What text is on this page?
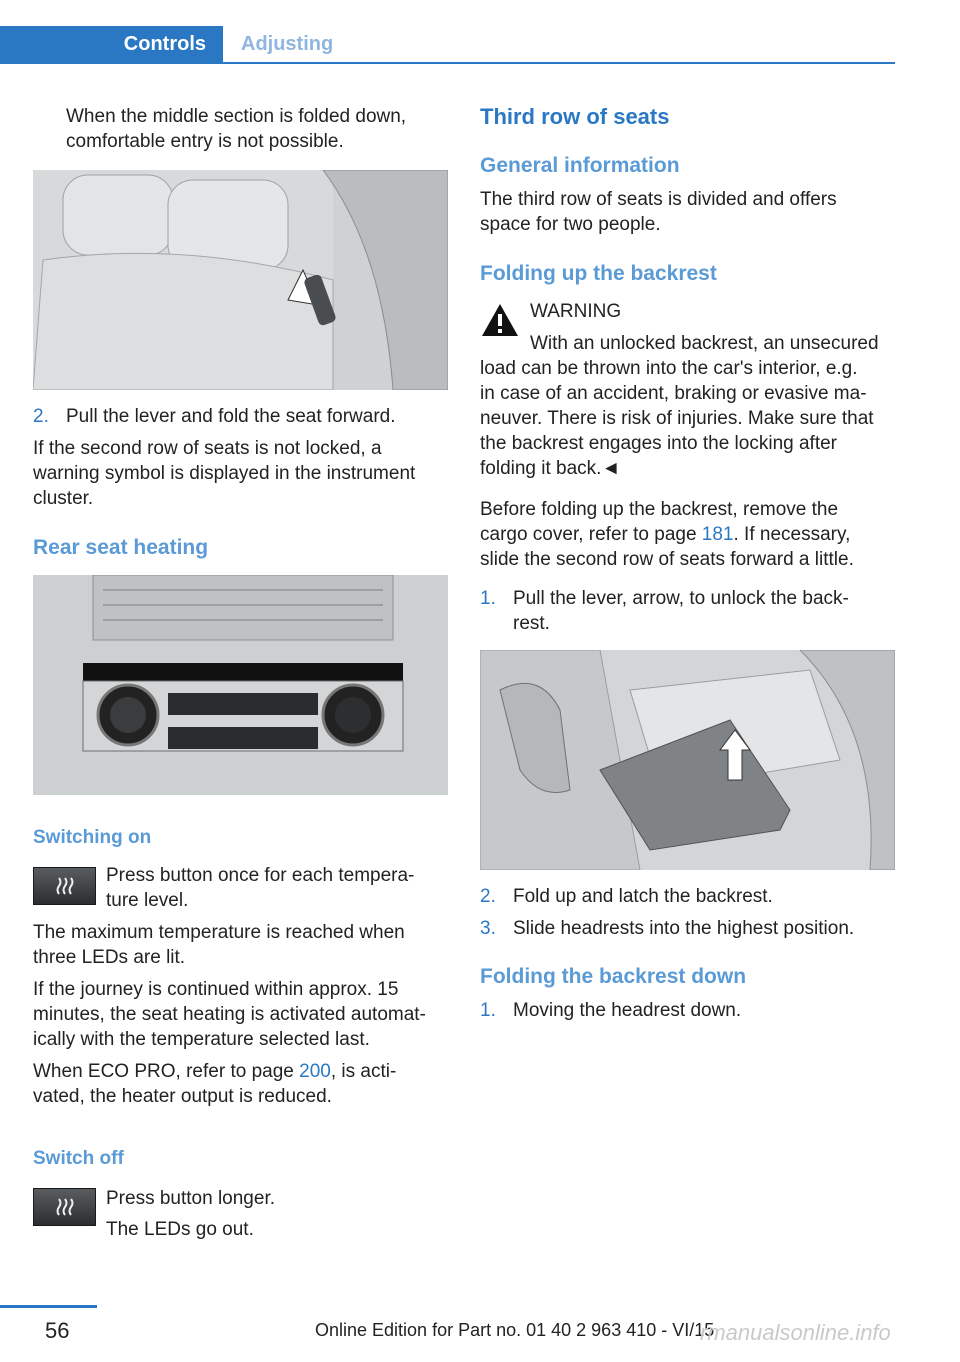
Controls	Adjusting
When the middle section is folded down,
comfortable entry is not possible.
2. Pull the lever and fold the seat forward.
If the second row of seats is not locked, a
warning symbol is displayed in the instrument
cluster.
Rear seat heating
Switching on
Press button once for each tempera-
ture level.
The maximum temperature is reached when
three LEDs are lit.
If the journey is continued within approx. 15
minutes, the seat heating is activated automat-
ically with the temperature selected last.
When ECO PRO, refer to page 200, is acti-
vated, the heater output is reduced.
Switch off
Press button longer.
The LEDs go out.
Third row of seats
General information
The third row of seats is divided and offers
space for two people.
Folding up the backrest
WARNING
With an unlocked backrest, an unsecured
load can be thrown into the car's interior, e.g.
in case of an accident, braking or evasive ma-
neuver. There is risk of injuries. Make sure that
the backrest engages into the locking after
folding it back.◄
Before folding up the backrest, remove the
cargo cover, refer to page 181. If necessary,
slide the second row of seats forward a little.
1. Pull the lever, arrow, to unlock the back-
rest.
2. Fold up and latch the backrest.
3. Slide headrests into the highest position.
Folding the backrest down
1. Moving the headrest down.
56	Online Edition for Part no. 01 40 2 963 410 - VI/15
rmanualsonline.info
